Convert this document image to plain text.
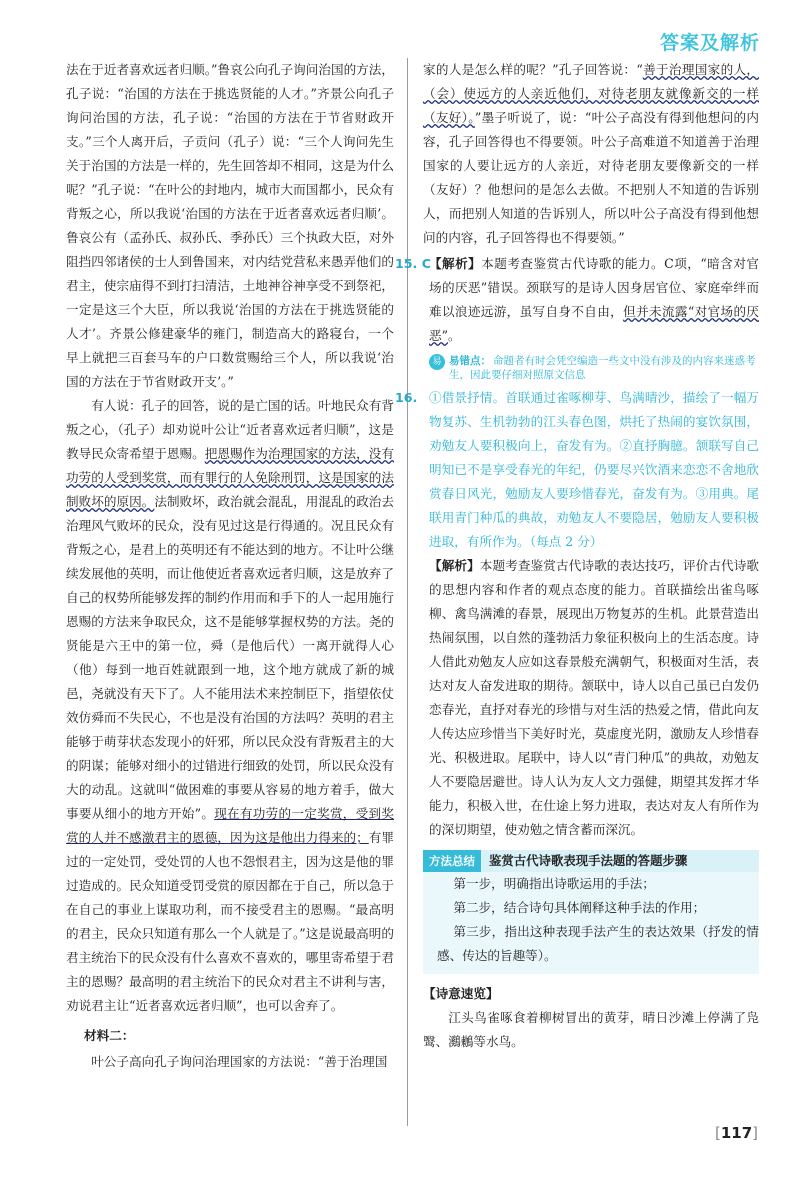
答案及解析

法在于近者喜欢远者归顺。”鲁哀公向孔子询问治国的方法，孔子说：“治国的方法在于挑选贤能的人才。”齐景公向孔子询问治国的方法，孔子说：“治国的方法在于节省财政开支。”三个人离开后，子贡问（孔子）说：“三个人询问先生关于治国的方法是一样的，先生回答却不相同，这是为什么呢？”孔子说：“在叶公的封地内，城市大而国都小，民众有背叛之心，所以我说‘治国的方法在于近者喜欢远者归顺’。鲁哀公有（孟孙氏、叔孙氏、季孙氏）三个执政大臣，对外阻挡四邻诸侯的士人到鲁国来，对内结党营私来愚弄他们的君主，使宗庙得不到打扫清洁，土地神谷神享受不到祭祀，一定是这三个大臣，所以我说‘治国的方法在于挑选贤能的人才’。齐景公修建豪华的雍门，制造高大的路寝台，一个早上就把三百套马车的户口数赏赐给三个人，所以我说‘治国的方法在于节省财政开支’。”

有人说：孔子的回答，说的是亡国的话。叶地民众有背叛之心，（孔子）却劝说叶公让“近者喜欢远者归顺”，这是教导民众寄希望于恩赐。把恩赐作为治理国家的方法，没有功劳的人受到奖赏，而有罪行的人免除刑罚，这是国家的法制败坏的原因。法制败坏，政治就会混乱，用混乱的政治去治理风气败坏的民众，没有见过这是行得通的。况且民众有背叛之心，是君上的英明还有不能达到的地方。不让叶公继续发展他的英明，而让他使近者喜欢远者归顺，这是放弃了自己的权势所能够发挥的制约作用而和手下的人一起用施行恩赐的方法来争取民众，这不是能够掌握权势的方法。尧的贤能是六王中的第一位，舜（是他后代）一离开就得人心（他）每到一地百姓就跟到一地，这个地方就成了新的城邑，尧就没有天下了。人不能用法术来控制臣下，指望依仗效仿舜而不失民心，不也是没有治国的方法吗？英明的君主能够于萌芽状态发现小的奸邪，所以民众没有背叛君主的大的阴谋；能够对细小的过错进行细致的处罚，所以民众没有大的动乱。这就叫“做困难的事要从容易的地方着手，做大事要从细小的地方开始”。现在有功劳的一定奖赏，受到奖赏的人并不感激君主的恩德，因为这是他出力得来的；有罪过的一定处罚，受处罚的人也不怨恨君主，因为这是他的罪过造成的。民众知道受罚受赏的原因都在于自己，所以急于在自己的事业上谋取功利，而不接受君主的恩赐。“最高明的君主，民众只知道有那么一个人就是了。”这是说最高明的君主统治下的民众没有什么喜欢不喜欢的，哪里寄希望于君主的恩赐？最高明的君主统治下的民众对君主不讲利与害，劝说君主让“近者喜欢远者归顺”，也可以舍弃了。

材料二：

叶公子高向孔子询问治理国家的方法说：“善于治理国

家的人是怎么样的呢？”孔子回答说：“善于治理国家的人，（会）使远方的人亲近他们，对待老朋友就像新交的一样（友好）。”墨子听说了，说：“叶公子高没有得到他想问的内容，孔子回答得也不得要领。叶公子高难道不知道善于治理国家的人要让远方的人亲近，对待老朋友要像新交的一样（友好）？他想问的是怎么去做。不把别人不知道的告诉别人，而把别人知道的告诉别人，所以叶公子高没有得到他想问的内容，孔子回答得也不得要领。”

15. C

【解析】本题考查鉴赏古代诗歌的能力。C项，“暗含对官场的厌恶”错误。颈联写的是诗人因身居官位、家庭牵绊而难以浪迹远游，虽写自身不自由，但并未流露“对官场的厌恶”。

易 易错点： 命题者有时会凭空编造一些文中没有涉及的内容来迷惑考生，因此要仔细对照原文信息
16. ①借景抒情。首联通过雀啄柳芽、鸟满晴沙，描绘了一幅万物复苏、生机勃勃的江头春色图，烘托了热闹的宴饮氛围，劝勉友人要积极向上，奋发有为。②直抒胸臆。颔联写自己明知已不是享受春光的年纪，仍要尽兴饮酒来恋恋不舍地欣赏春日风光，勉励友人要珍惜春光，奋发有为。③用典。尾联用青门种瓜的典故，劝勉友人不要隐居，勉励友人要积极进取，有所作为。（每点 2 分）

【解析】本题考查鉴赏古代诗歌的表达技巧，评价古代诗歌的思想内容和作者的观点态度的能力。首联描绘出雀鸟啄柳、禽鸟满滩的春景，展现出万物复苏的生机。此景营造出热闹氛围，以自然的蓬勃活力象征积极向上的生活态度。诗人借此劝勉友人应如这春景般充满朝气，积极面对生活，表达对友人奋发进取的期待。颔联中，诗人以自己虽已白发仍恋春光，直抒对春光的珍惜与对生活的热爱之情，借此向友人传达应珍惜当下美好时光，莫虚度光阴，激励友人珍惜春光、积极进取。尾联中，诗人以“青门种瓜”的典故，劝勉友人不要隐居避世。诗人认为友人文力强健，期望其发挥才华能力，积极入世，在仕途上努力进取，表达对友人有所作为的深切期望，使劝勉之情含蓄而深沉。

方法总结	鉴赏古代诗歌表现手法题的答题步骤

第一步，明确指出诗歌运用的手法；

第二步，结合诗句具体阐释这种手法的作用；

第三步，指出这种表现手法产生的表达效果（抒发的情感、传达的旨趣等）。

【诗意速览】

江头鸟雀啄食着柳树冒出的黄芽，晴日沙滩上停满了凫鹥、鸂鶒等水鸟。

[117]
